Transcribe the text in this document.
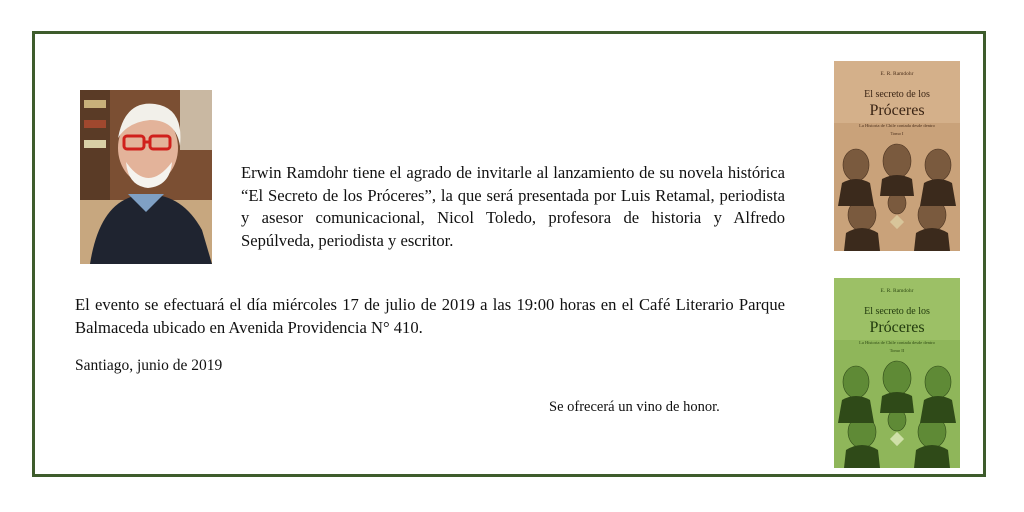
Erwin Ramdohr tiene el agrado de invitarle al lanzamiento de su novela histórica “El Secreto de los Próceres”, la que será presentada por Luis Retamal, periodista y asesor comunicacional, Nicol Toledo, profesora de historia y Alfredo Sepúlveda, periodista y escritor.
El evento se efectuará el día miércoles 17 de julio de 2019 a las 19:00 horas en el Café Literario Parque Balmaceda ubicado en Avenida Providencia N° 410.
Santiago, junio de 2019
Se ofrecerá un vino de honor.
E. R. Ramdohr
El secreto de los
Próceres
La Historia de Chile contada desde dentro
Tomo I
E. R. Ramdohr
El secreto de los
Próceres
La Historia de Chile contada desde dentro
Tomo II
